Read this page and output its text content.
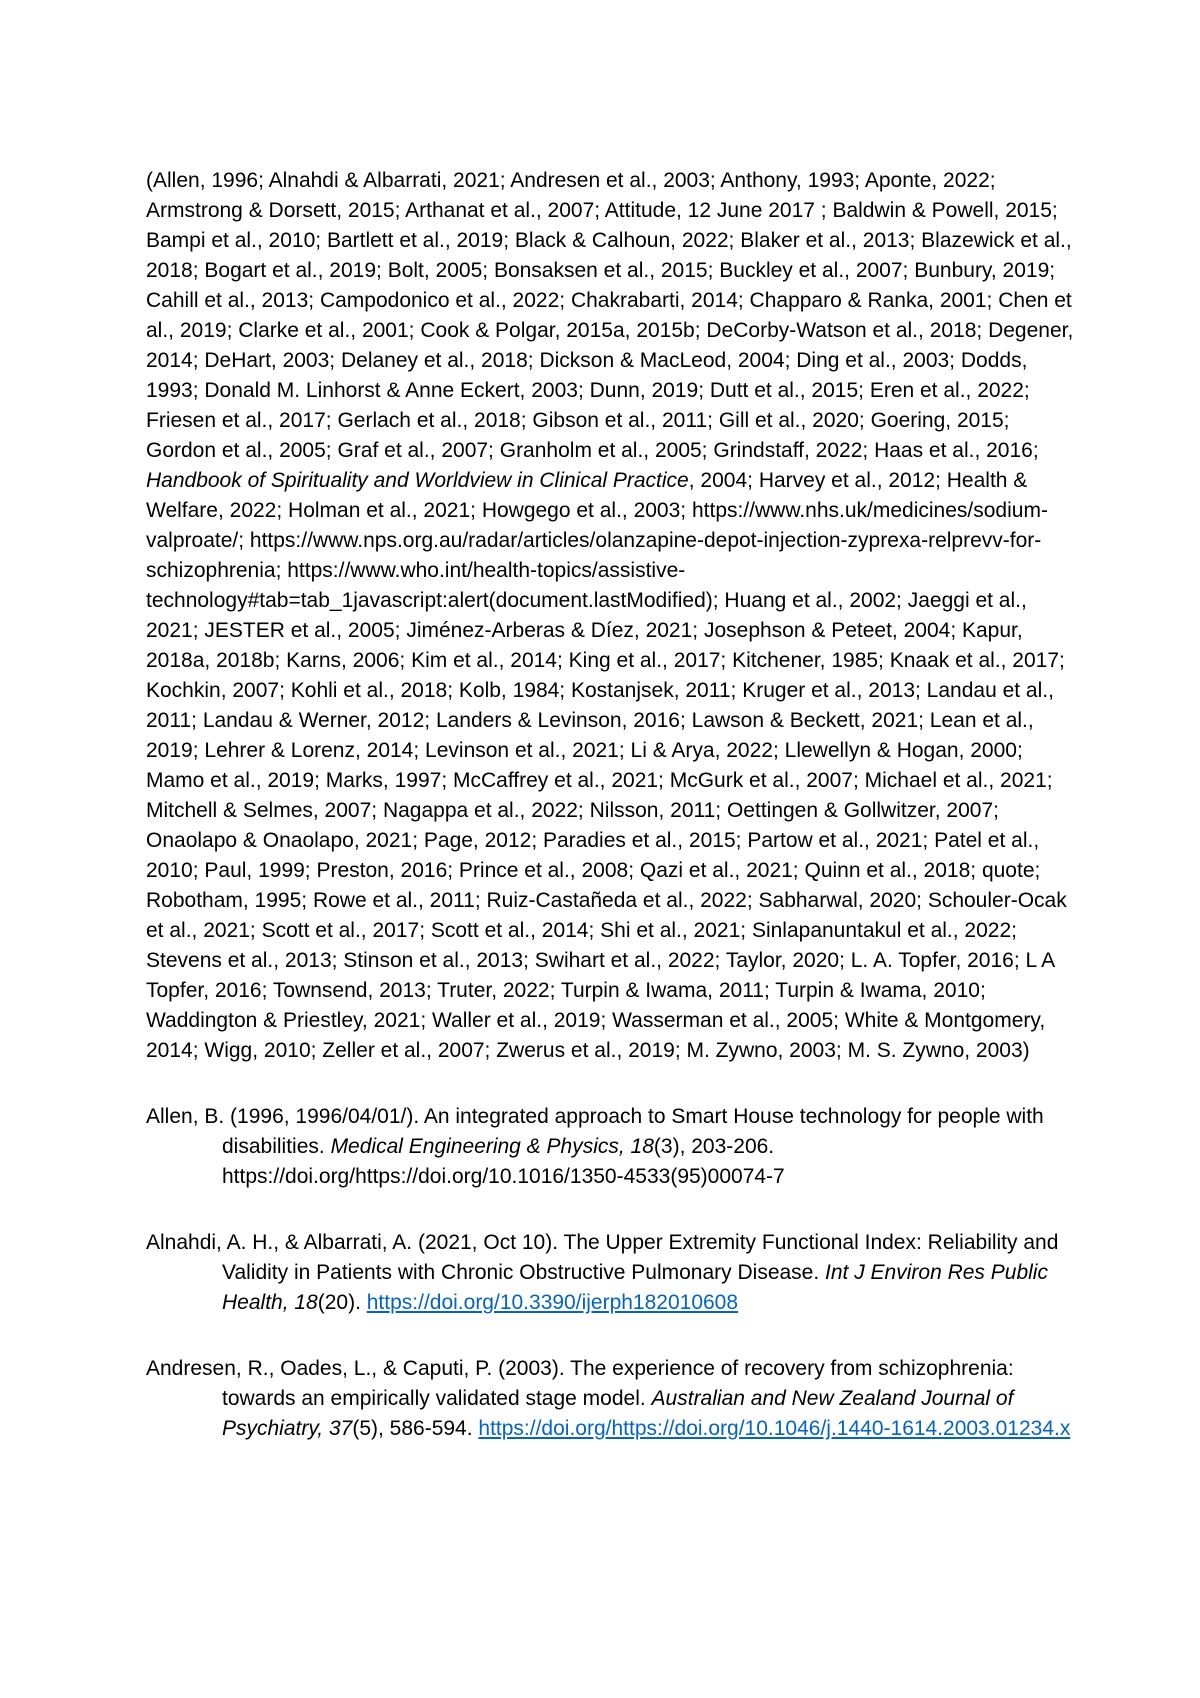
(Allen, 1996; Alnahdi & Albarrati, 2021; Andresen et al., 2003; Anthony, 1993; Aponte, 2022; Armstrong & Dorsett, 2015; Arthanat et al., 2007; Attitude, 12 June 2017 ; Baldwin & Powell, 2015; Bampi et al., 2010; Bartlett et al., 2019; Black & Calhoun, 2022; Blaker et al., 2013; Blazewick et al., 2018; Bogart et al., 2019; Bolt, 2005; Bonsaksen et al., 2015; Buckley et al., 2007; Bunbury, 2019; Cahill et al., 2013; Campodonico et al., 2022; Chakrabarti, 2014; Chapparo & Ranka, 2001; Chen et al., 2019; Clarke et al., 2001; Cook & Polgar, 2015a, 2015b; DeCorby-Watson et al., 2018; Degener, 2014; DeHart, 2003; Delaney et al., 2018; Dickson & MacLeod, 2004; Ding et al., 2003; Dodds, 1993; Donald M. Linhorst & Anne Eckert, 2003; Dunn, 2019; Dutt et al., 2015; Eren et al., 2022; Friesen et al., 2017; Gerlach et al., 2018; Gibson et al., 2011; Gill et al., 2020; Goering, 2015; Gordon et al., 2005; Graf et al., 2007; Granholm et al., 2005; Grindstaff, 2022; Haas et al., 2016; Handbook of Spirituality and Worldview in Clinical Practice, 2004; Harvey et al., 2012; Health & Welfare, 2022; Holman et al., 2021; Howgego et al., 2003; https://www.nhs.uk/medicines/sodium-valproate/; https://www.nps.org.au/radar/articles/olanzapine-depot-injection-zyprexa-relprevv-for-schizophrenia; https://www.who.int/health-topics/assistive-technology#tab=tab_1javascript:alert(document.lastModified); Huang et al., 2002; Jaeggi et al., 2021; JESTER et al., 2005; Jiménez-Arberas & Díez, 2021; Josephson & Peteet, 2004; Kapur, 2018a, 2018b; Karns, 2006; Kim et al., 2014; King et al., 2017; Kitchener, 1985; Knaak et al., 2017; Kochkin, 2007; Kohli et al., 2018; Kolb, 1984; Kostanjsek, 2011; Kruger et al., 2013; Landau et al., 2011; Landau & Werner, 2012; Landers & Levinson, 2016; Lawson & Beckett, 2021; Lean et al., 2019; Lehrer & Lorenz, 2014; Levinson et al., 2021; Li & Arya, 2022; Llewellyn & Hogan, 2000; Mamo et al., 2019; Marks, 1997; McCaffrey et al., 2021; McGurk et al., 2007; Michael et al., 2021; Mitchell & Selmes, 2007; Nagappa et al., 2022; Nilsson, 2011; Oettingen & Gollwitzer, 2007; Onaolapo & Onaolapo, 2021; Page, 2012; Paradies et al., 2015; Partow et al., 2021; Patel et al., 2010; Paul, 1999; Preston, 2016; Prince et al., 2008; Qazi et al., 2021; Quinn et al., 2018; quote; Robotham, 1995; Rowe et al., 2011; Ruiz-Castañeda et al., 2022; Sabharwal, 2020; Schouler-Ocak et al., 2021; Scott et al., 2017; Scott et al., 2014; Shi et al., 2021; Sinlapanuntakul et al., 2022; Stevens et al., 2013; Stinson et al., 2013; Swihart et al., 2022; Taylor, 2020; L. A. Topfer, 2016; L A Topfer, 2016; Townsend, 2013; Truter, 2022; Turpin & Iwama, 2011; Turpin & Iwama, 2010; Waddington & Priestley, 2021; Waller et al., 2019; Wasserman et al., 2005; White & Montgomery, 2014; Wigg, 2010; Zeller et al., 2007; Zwerus et al., 2019; M. Zywno, 2003; M. S. Zywno, 2003)

Allen, B. (1996, 1996/04/01/). An integrated approach to Smart House technology for people with disabilities. Medical Engineering & Physics, 18(3), 203-206. https://doi.org/https://doi.org/10.1016/1350-4533(95)00074-7

Alnahdi, A. H., & Albarrati, A. (2021, Oct 10). The Upper Extremity Functional Index: Reliability and Validity in Patients with Chronic Obstructive Pulmonary Disease. Int J Environ Res Public Health, 18(20). https://doi.org/10.3390/ijerph182010608

Andresen, R., Oades, L., & Caputi, P. (2003). The experience of recovery from schizophrenia: towards an empirically validated stage model. Australian and New Zealand Journal of Psychiatry, 37(5), 586-594. https://doi.org/https://doi.org/10.1046/j.1440-1614.2003.01234.x
